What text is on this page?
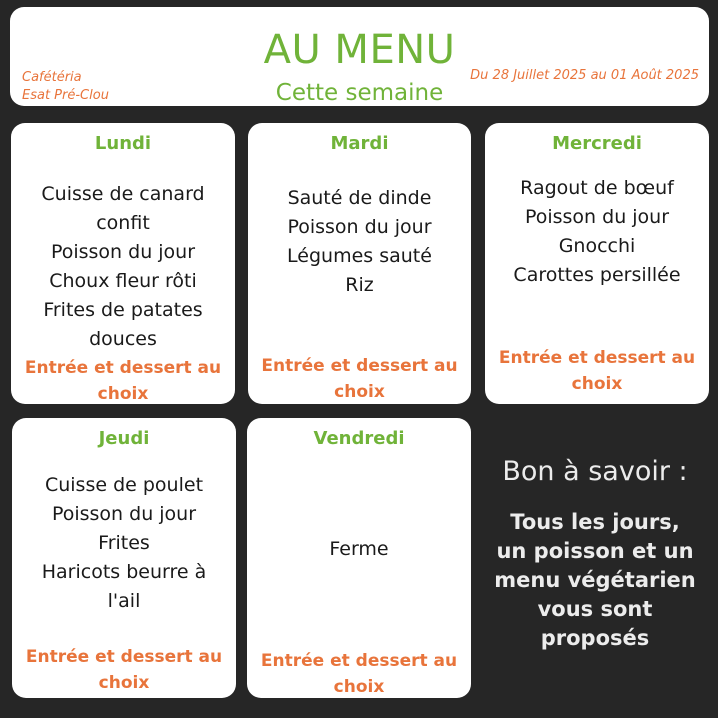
AU MENU
Cette semaine
Cafétéria
Esat Pré-Clou
Du 28 Juillet 2025 au 01 Août 2025
Lundi
Cuisse de canard
confit
Poisson du jour
Choux fleur rôti
Frites de patates
douces
Entrée et dessert au
choix
Mardi
Sauté de dinde
Poisson du jour
Légumes sauté
Riz
Entrée et dessert au
choix
Mercredi
Ragout de bœuf
Poisson du jour
Gnocchi
Carottes persillée
Entrée et dessert au
choix
Jeudi
Cuisse de poulet
Poisson du jour
Frites
Haricots beurre à
l'ail
Entrée et dessert au
choix
Vendredi
Ferme
Entrée et dessert au
choix
Bon à savoir :
Tous les jours,
un poisson et un
menu végétarien
vous sont
proposés
